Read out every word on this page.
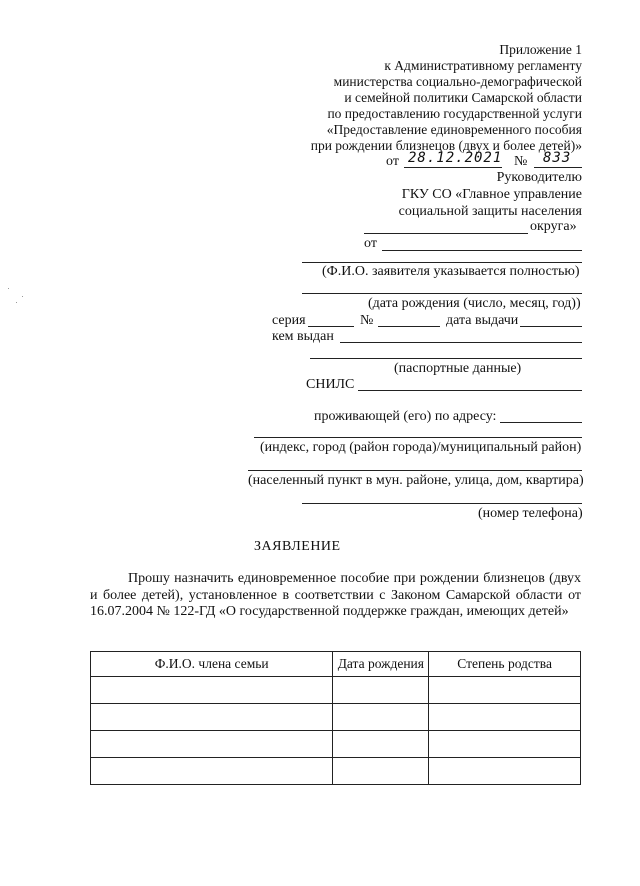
Приложение 1
к Административному регламенту
министерства социально-демографической
и семейной политики Самарской области
по предоставлению государственной услуги
«Предоставление единовременного пособия
при рождении близнецов (двух и более детей)»
от 28.12.2021 № 833
Руководителю
ГКУ СО «Главное управление
социальной защиты населения
округа»
от
(Ф.И.О. заявителя указывается полностью)
(дата рождения (число, месяц, год))
серия	№	дата выдачи
кем выдан
(паспортные данные)
СНИЛС
проживающей (его) по адресу:
(индекс, город (район города)/муниципальный район)
(населенный пункт в мун. районе, улица, дом, квартира)
(номер телефона)
ЗАЯВЛЕНИЕ
Прошу назначить единовременное пособие при рождении близнецов (двух и более детей), установленное в соответствии с Законом Самарской области от 16.07.2004 № 122-ГД «О государственной поддержке граждан, имеющих детей»
Ф.И.О. члена семьи	Дата рождения	Степень родства
